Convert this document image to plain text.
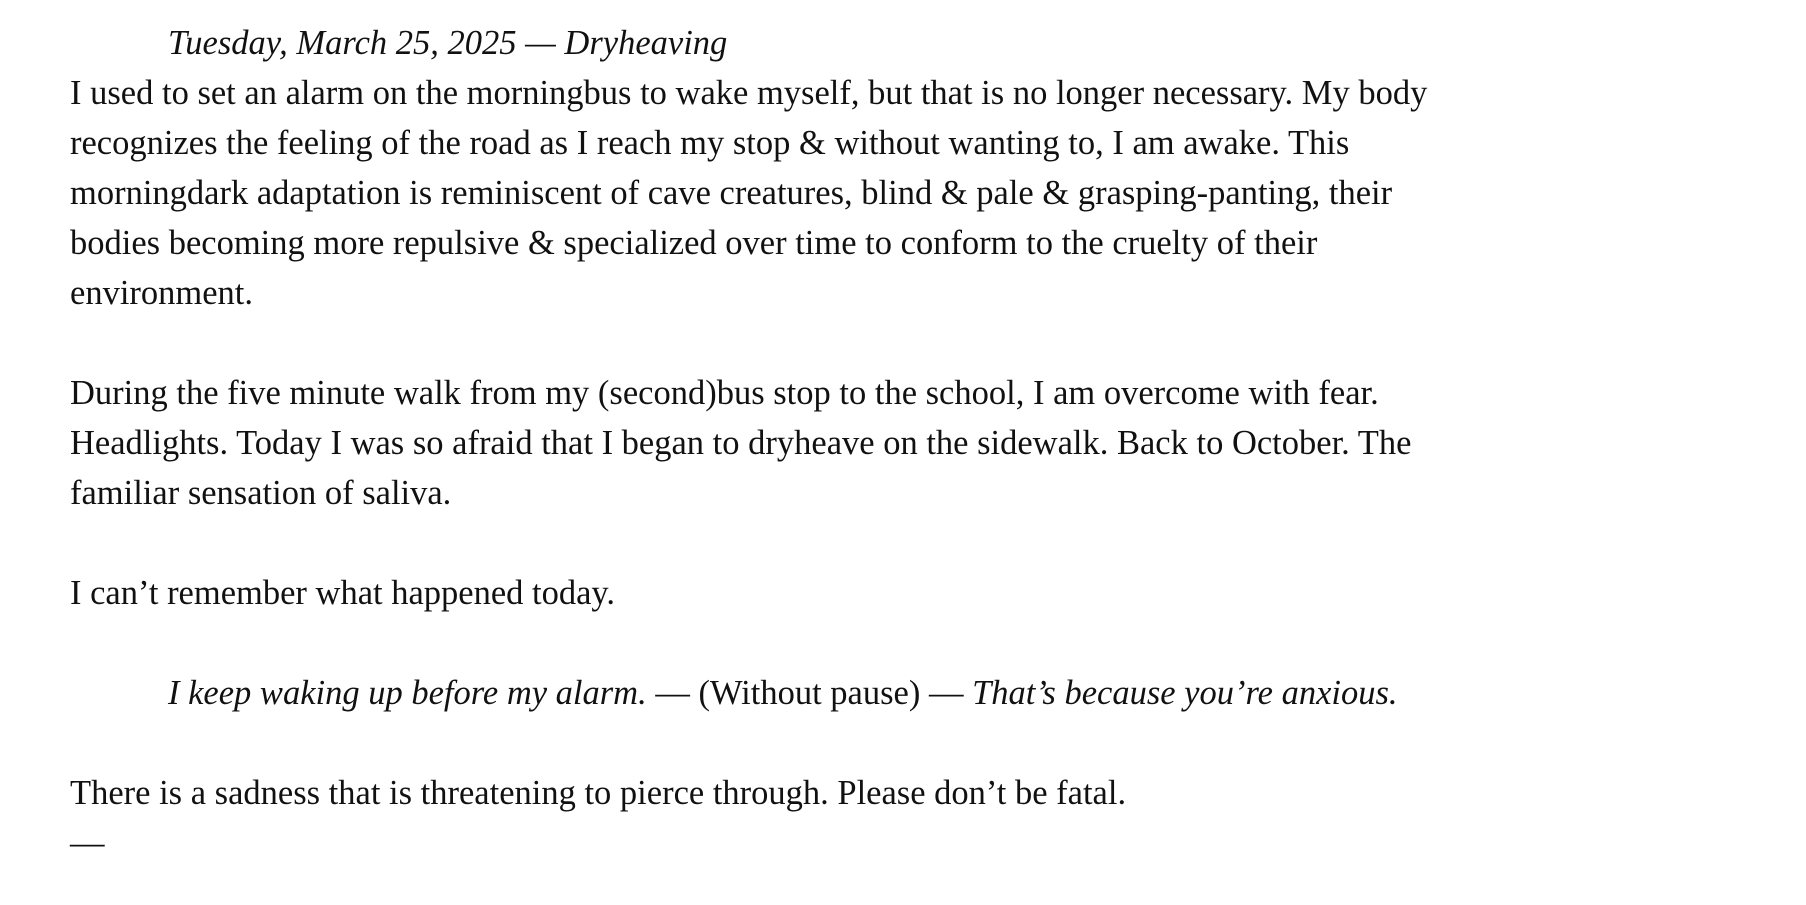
Tuesday, March 25, 2025 — Dryheaving

I used to set an alarm on the morningbus to wake myself, but that is no longer necessary. My body recognizes the feeling of the road as I reach my stop & without wanting to, I am awake. This morningdark adaptation is reminiscent of cave creatures, blind & pale & grasping-panting, their bodies becoming more repulsive & specialized over time to conform to the cruelty of their environment.

During the five minute walk from my (second)bus stop to the school, I am overcome with fear. Headlights. Today I was so afraid that I began to dryheave on the sidewalk. Back to October. The familiar sensation of saliva.

I can’t remember what happened today.

I keep waking up before my alarm. — (Without pause) — That’s because you’re anxious.

There is a sadness that is threatening to pierce through. Please don’t be fatal.

—
